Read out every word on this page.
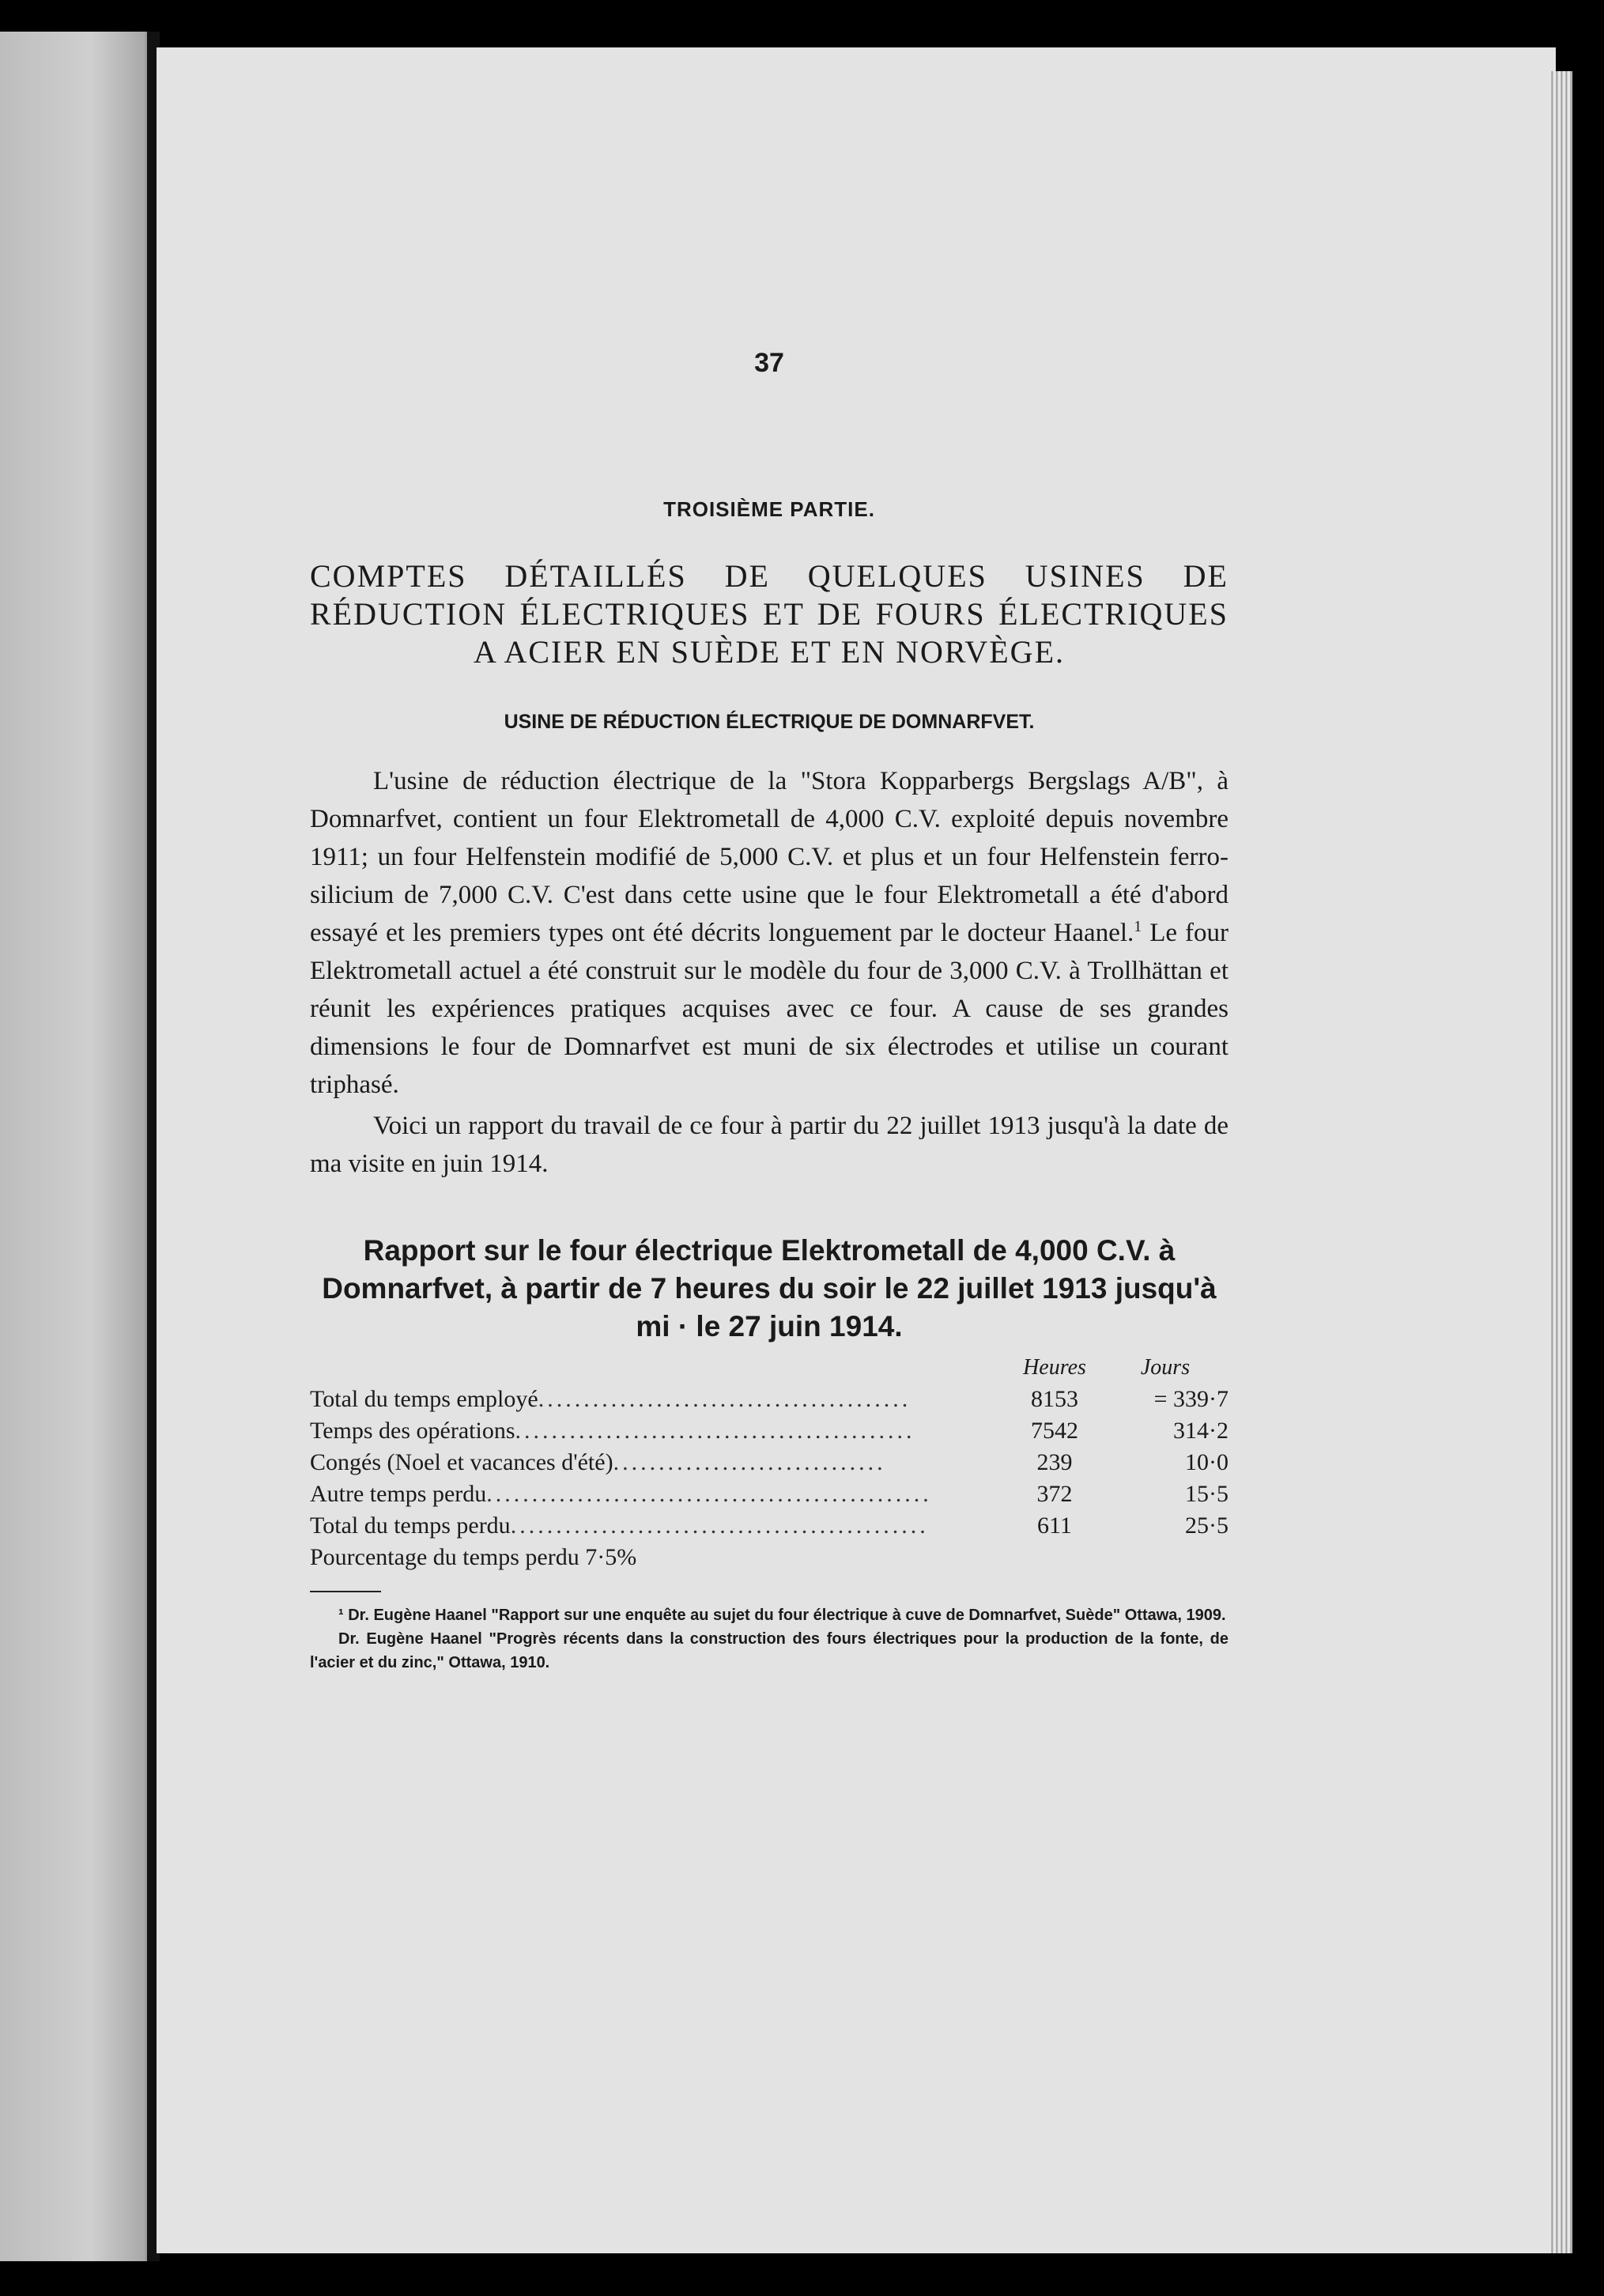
37
TROISIÈME PARTIE.
COMPTES DÉTAILLÉS DE QUELQUES USINES DE RÉDUCTION ÉLECTRIQUES ET DE FOURS ÉLECTRIQUES A ACIER EN SUÈDE ET EN NORVÈGE.
USINE DE RÉDUCTION ÉLECTRIQUE DE DOMNARFVET.

L'usine de réduction électrique de la "Stora Kopparbergs Bergslags A/B", à Domnarfvet, contient un four Elektrometall de 4,000 C.V. exploité depuis novembre 1911; un four Helfenstein modifié de 5,000 C.V. et plus et un four Helfenstein ferro-silicium de 7,000 C.V. C'est dans cette usine que le four Elektrometall a été d'abord essayé et les premiers types ont été décrits longuement par le docteur Haanel.$^1$ Le four Elektrometall actuel a été construit sur le modèle du four de 3,000 C.V. à Trollhättan et réunit les expériences pratiques acquises avec ce four. A cause de ses grandes dimensions le four de Domnarfvet est muni de six électrodes et utilise un courant triphasé.

Voici un rapport du travail de ce four à partir du 22 juillet 1913 jusqu'à la date de ma visite en juin 1914.

Rapport sur le four électrique Elektrometall de 4,000 C.V. à Domnarfvet, à partir de 7 heures du soir le 22 juillet 1913 jusqu'à mi · le 27 juin 1914.
	Heures	Jours
Total du temps employé.........................................	8153	= 339·7
Temps des opérations............................................	7542	314·2
Congés (Noel et vacances d'été)..............................	239	10·0
Autre temps perdu.................................................	372	15·5
Total du temps perdu..............................................	611	25·5
Pourcentage du temps perdu 7·5%		

¹ Dr. Eugène Haanel "Rapport sur une enquête au sujet du four électrique à cuve de Domnarfvet, Suède" Ottawa, 1909.

Dr. Eugène Haanel "Progrès récents dans la construction des fours électriques pour la production de la fonte, de l'acier et du zinc," Ottawa, 1910.
